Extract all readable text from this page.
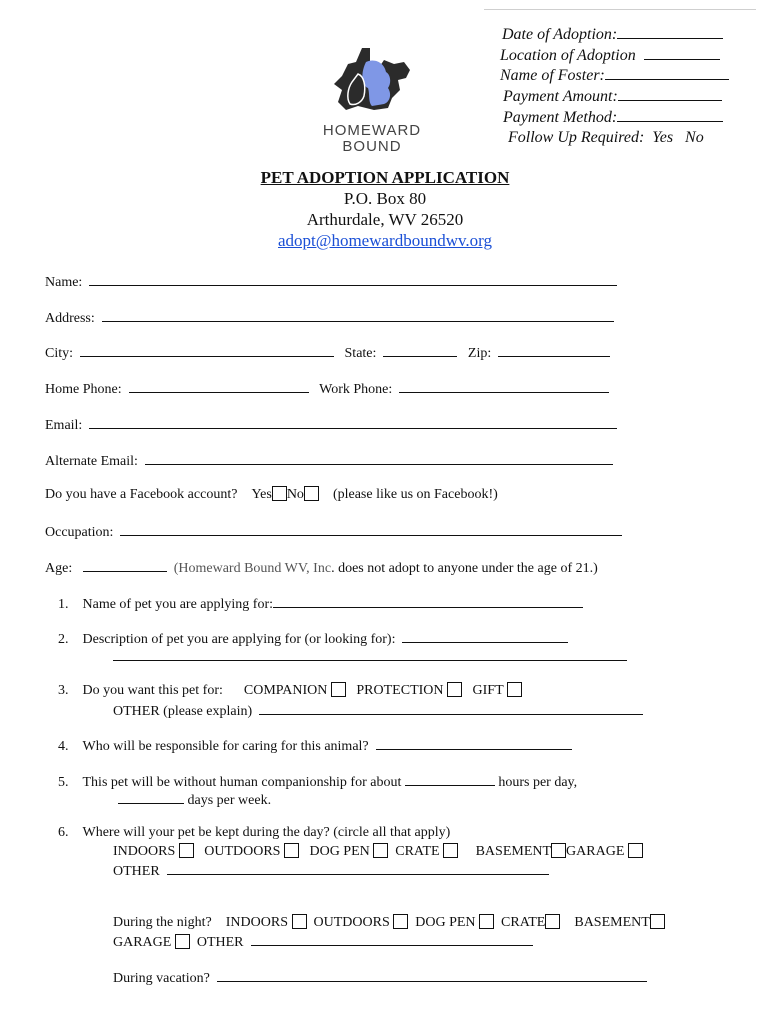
Date of Adoption:
Location of Adoption
Name of Foster:
Payment Amount:
Payment Method:
Follow Up Required: Yes No
HOMEWARD
BOUND
PET ADOPTION APPLICATION
P.O. Box 80
Arthurdale, WV 26520
adopt@homewardboundwv.org
Name:
Address:
City:	State:	Zip:
Home Phone:	Work Phone:
Email:
Alternate Email:
Do you have a Facebook account? Yes No (please like us on Facebook!)
Occupation:
Age:	(Homeward Bound WV, Inc. does not adopt to anyone under the age of 21.)
1. Name of pet you are applying for:
2. Description of pet you are applying for (or looking for):
3. Do you want this pet for: COMPANION PROTECTION GIFT
OTHER (please explain)
4. Who will be responsible for caring for this animal?
5. This pet will be without human companionship for about	hours per day,
days per week.
6. Where will your pet be kept during the day? (circle all that apply)
INDOORS OUTDOORS DOG PEN CRATE	BASEMENT GARAGE
OTHER
During the night? INDOORS OUTDOORS DOG PEN CRATE BASEMENT
GARAGE OTHER
During vacation?
